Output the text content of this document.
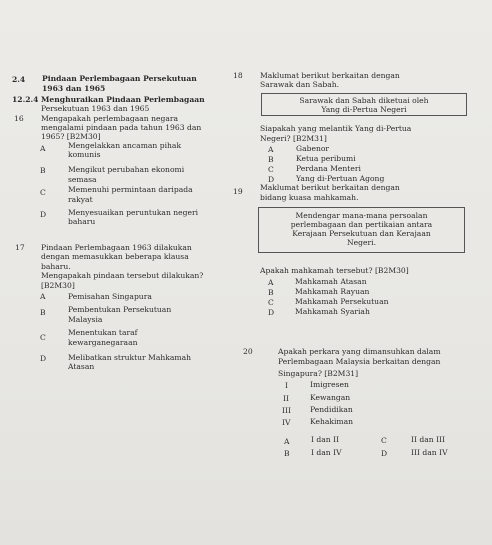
2.4 Pindaan Perlembagaan Persekutuan
1963 dan 1965
12.2.4 Menghuraikan Pindaan Perlembagaan
Persekutuan 1963 dan 1965
16 Mengapakah perlembagaan negara
mengalami pindaan pada tahun 1963 dan
1965? [B2M30]
A	Mengelakkan ancaman pihak
komunis
B	Mengikut perubahan ekonomi
semasa
C	Memenuhi permintaan daripada
rakyat
D	Menyesuaikan peruntukan negeri
baharu
17 Pindaan Perlembagaan 1963 dilakukan
dengan memasukkan beberapa klausa
baharu.
Mengapakah pindaan tersebut dilakukan?
[B2M30]
A	Pemisahan Singapura
B	Pembentukan Persekutuan
Malaysia
C
Menentukan taraf
kewarganegaraan
D	Melibatkan struktur Mahkamah
Atasan
18 Maklumat berikut berkaitan dengan
Sarawak dan Sabah.
Sarawak dan Sabah diketuai oleh
Yang di-Pertua Negeri
Siapakah yang melantik Yang di-Pertua
Negeri? [B2M31]
A	Gabenor
B	Ketua peribumi
C	Perdana Menteri
D	Yang di-Pertuan Agong
19 Maklumat berikut berkaitan dengan
bidang kuasa mahkamah.
Mendengar mana-mana persoalan
perlembagaan dan pertikaian antara
Kerajaan Persekutuan dan Kerajaan
Negeri.
Apakah mahkamah tersebut? [B2M30]
A	Mahkamah Atasan
B	Mahkamah Rayuan
C	Mahkamah Persekutuan
D	Mahkamah Syariah
20	Apakah perkara yang dimansuhkan dalam
Perlembagaan Malaysia berkaitan dengan
Singapura? [B2M31]
I	Imigresen
II	Kewangan
III	Pendidikan
IV	Kehakiman
A	I dan II
B	I dan IV
C	II dan III
D	III dan IV
